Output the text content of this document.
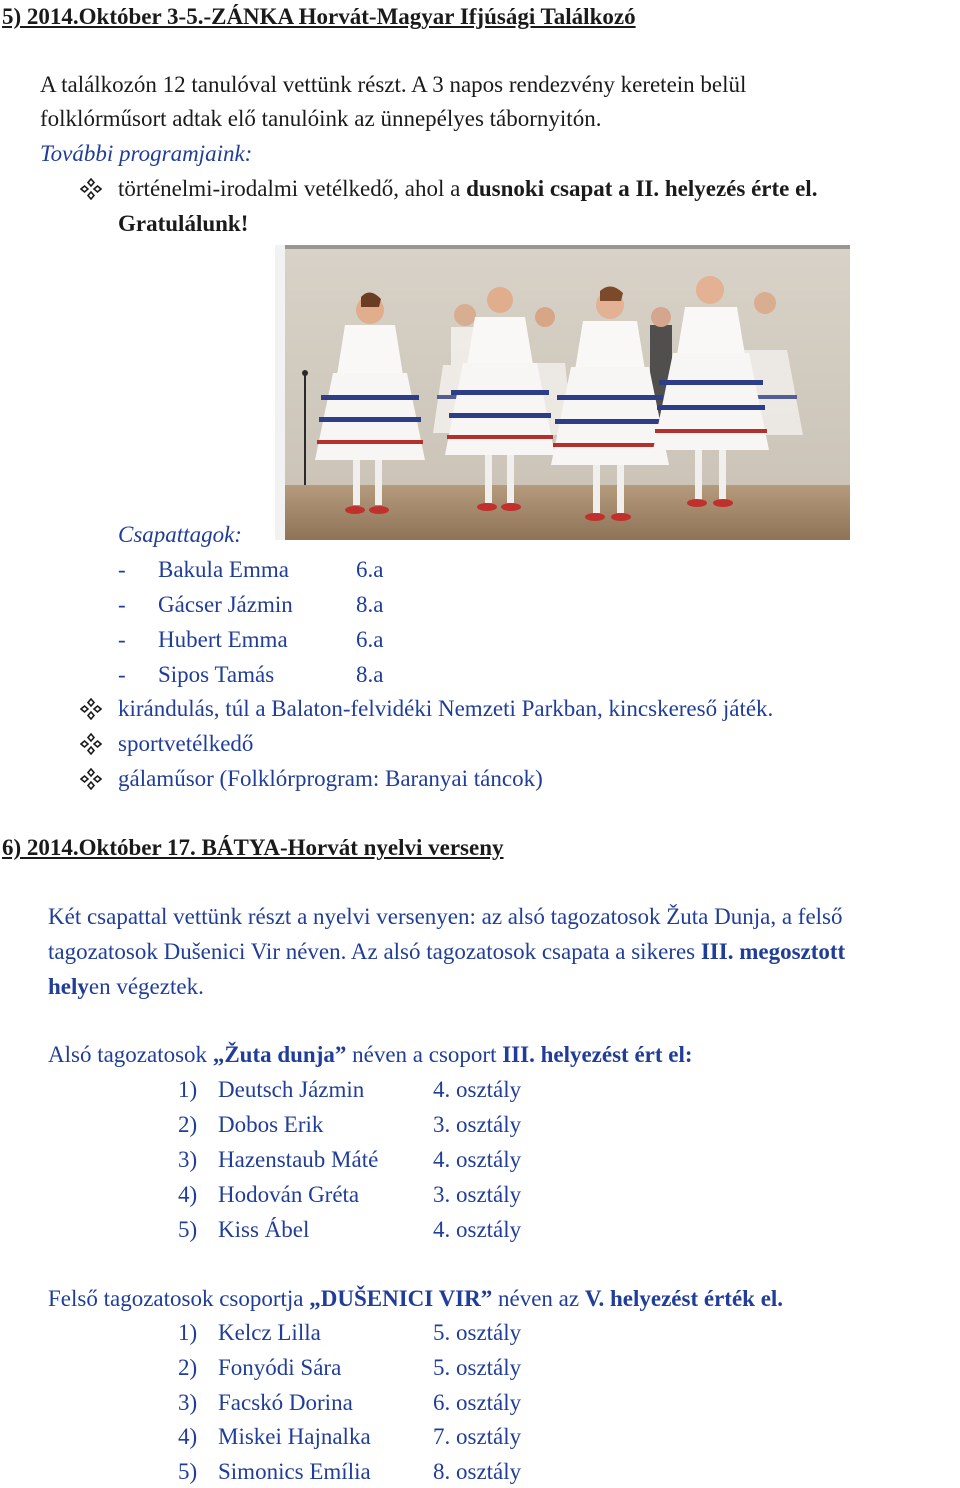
5) 2014.Október 3-5.-ZÁNKA Horvát-Magyar Ifjúsági Találkozó
A találkozón 12 tanulóval vettünk részt. A 3 napos rendezvény keretein belül
folklórműsort adtak elő tanulóink az ünnepélyes tábornyitón.
További programjaink:
történelmi-irodalmi vetélkedő, ahol a dusnoki csapat a II. helyezés érte el.
Gratulálunk!
Csapattagok:
- Bakula Emma	6.a
- Gácser Jázmin	8.a
- Hubert Emma	6.a
- Sipos Tamás	8.a
kirándulás, túl a Balaton-felvidéki Nemzeti Parkban, kincskereső játék.
sportvetélkedő
gálaműsor (Folklórprogram: Baranyai táncok)
6) 2014.Október 17. BÁTYA-Horvát nyelvi verseny
Két csapattal vettünk részt a nyelvi versenyen: az alsó tagozatosok Žuta Dunja, a felső
tagozatosok Dušenici Vir néven. Az alsó tagozatosok csapata a sikeres III. megosztott
helyen végeztek.
Alsó tagozatosok „Žuta dunja” néven a csoport III. helyezést ért el:
1) Deutsch Jázmin	4. osztály
2) Dobos Erik	3. osztály
3) Hazenstaub Máté 4. osztály
4) Hodován Gréta	3. osztály
5) Kiss Ábel	4. osztály
Felső tagozatosok csoportja „DUŠENICI VIR” néven az V. helyezést érték el.
1) Kelcz Lilla	5. osztály
2) Fonyódi Sára	5. osztály
3) Facskó Dorina	6. osztály
4) Miskei Hajnalka	7. osztály
5) Simonics Emília	8. osztály
